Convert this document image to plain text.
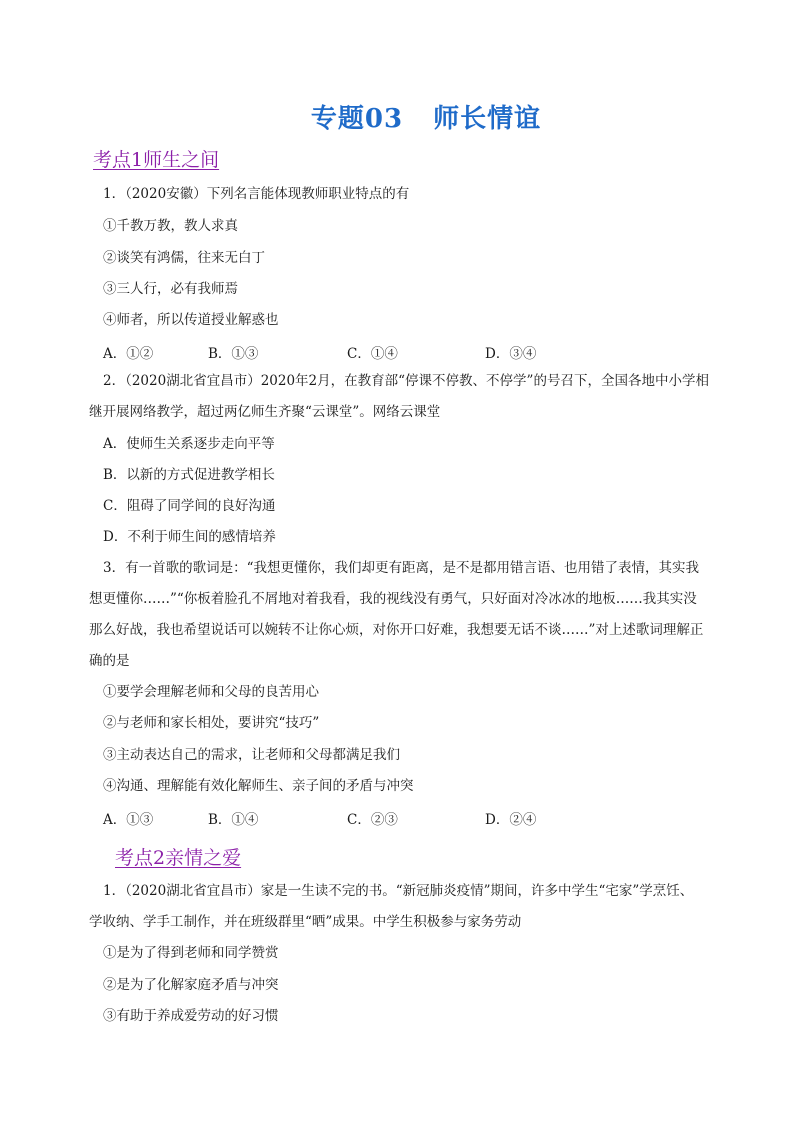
专题03 师长情谊
考点1师生之间
1．（2020安徽）下列名言能体现教师职业特点的有
①千教万教，教人求真
②谈笑有鸿儒，往来无白丁
③三人行，必有我师焉
④师者，所以传道授业解惑也
A．①②	B．①③	C．①④	D．③④
2．（2020湖北省宜昌市）2020年2月，在教育部“停课不停教、不停学”的号召下，全国各地中小学相
继开展网络教学，超过两亿师生齐聚“云课堂”。网络云课堂
A．使师生关系逐步走向平等
B．以新的方式促进教学相长
C．阻碍了同学间的良好沟通
D．不利于师生间的感情培养
3．有一首歌的歌词是：“我想更懂你，我们却更有距离，是不是都用错言语、也用错了表情，其实我
想更懂你……”“你板着脸孔不屑地对着我看，我的视线没有勇气，只好面对冷冰冰的地板……我其实没
那么好战，我也希望说话可以婉转不让你心烦，对你开口好难，我想要无话不谈……”对上述歌词理解正
确的是
①要学会理解老师和父母的良苦用心
②与老师和家长相处，要讲究“技巧”
③主动表达自己的需求，让老师和父母都满足我们
④沟通、理解能有效化解师生、亲子间的矛盾与冲突
A．①③	B．①④	C．②③	D．②④
考点2亲情之爱
1．（2020湖北省宜昌市）家是一生读不完的书。“新冠肺炎疫情”期间，许多中学生“宅家”学烹饪、
学收纳、学手工制作，并在班级群里“晒”成果。中学生积极参与家务劳动
①是为了得到老师和同学赞赏
②是为了化解家庭矛盾与冲突
③有助于养成爱劳动的好习惯
